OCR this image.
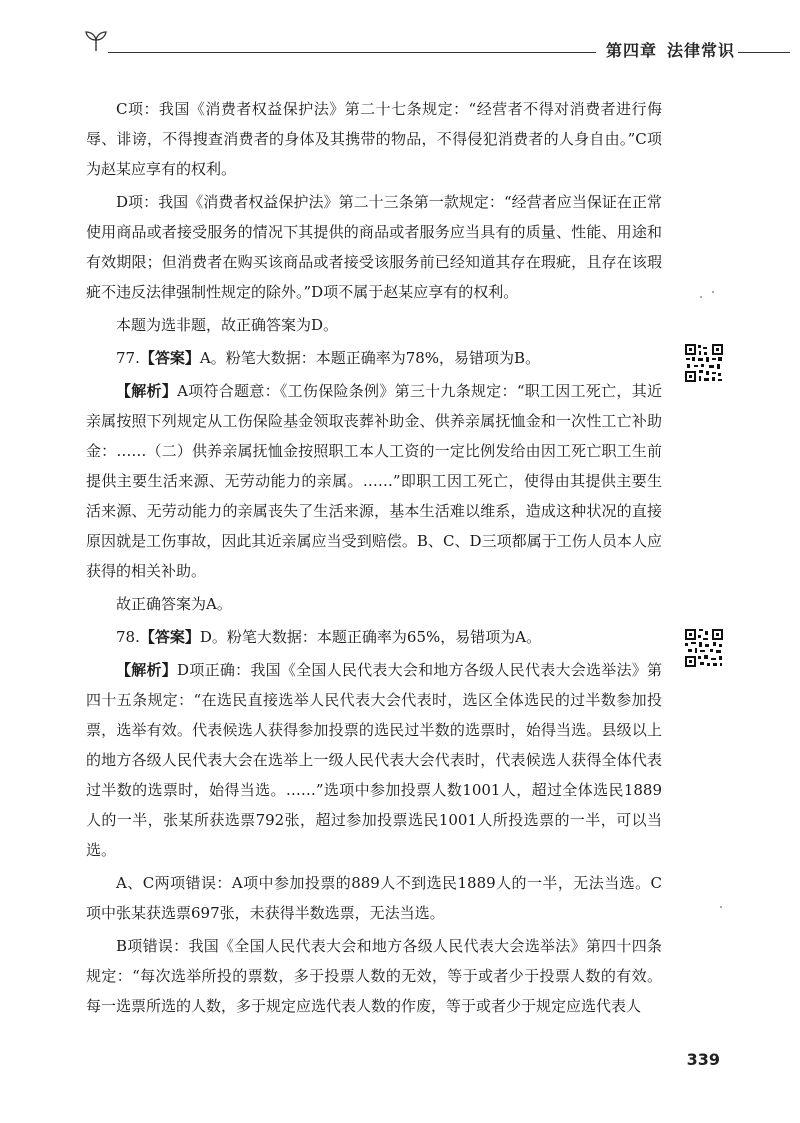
第四章 法律常识

C项：我国《消费者权益保护法》第二十七条规定：“经营者不得对消费者进行侮辱、诽谤，不得搜查消费者的身体及其携带的物品，不得侵犯消费者的人身自由。”C项为赵某应享有的权利。

D项：我国《消费者权益保护法》第二十三条第一款规定：“经营者应当保证在正常使用商品或者接受服务的情况下其提供的商品或者服务应当具有的质量、性能、用途和有效期限；但消费者在购买该商品或者接受该服务前已经知道其存在瑕疵，且存在该瑕疵不违反法律强制性规定的除外。”D项不属于赵某应享有的权利。

本题为选非题，故正确答案为D。

77.【答案】A。粉笔大数据：本题正确率为78%，易错项为B。

【解析】A项符合题意：《工伤保险条例》第三十九条规定：“职工因工死亡，其近亲属按照下列规定从工伤保险基金领取丧葬补助金、供养亲属抚恤金和一次性工亡补助金：……（二）供养亲属抚恤金按照职工本人工资的一定比例发给由因工死亡职工生前提供主要生活来源、无劳动能力的亲属。……”即职工因工死亡，使得由其提供主要生活来源、无劳动能力的亲属丧失了生活来源，基本生活难以维系，造成这种状况的直接原因就是工伤事故，因此其近亲属应当受到赔偿。B、C、D三项都属于工伤人员本人应获得的相关补助。

故正确答案为A。

78.【答案】D。粉笔大数据：本题正确率为65%，易错项为A。

【解析】D项正确：我国《全国人民代表大会和地方各级人民代表大会选举法》第四十五条规定：“在选民直接选举人民代表大会代表时，选区全体选民的过半数参加投票，选举有效。代表候选人获得参加投票的选民过半数的选票时，始得当选。县级以上的地方各级人民代表大会在选举上一级人民代表大会代表时，代表候选人获得全体代表过半数的选票时，始得当选。……”选项中参加投票人数1001人，超过全体选民1889人的一半，张某所获选票792张，超过参加投票选民1001人所投选票的一半，可以当选。

A、C两项错误：A项中参加投票的889人不到选民1889人的一半，无法当选。C项中张某获选票697张，未获得半数选票，无法当选。

B项错误：我国《全国人民代表大会和地方各级人民代表大会选举法》第四十四条规定：“每次选举所投的票数，多于投票人数的无效，等于或者少于投票人数的有效。每一选票所选的人数，多于规定应选代表人数的作废，等于或者少于规定应选代表人

339
